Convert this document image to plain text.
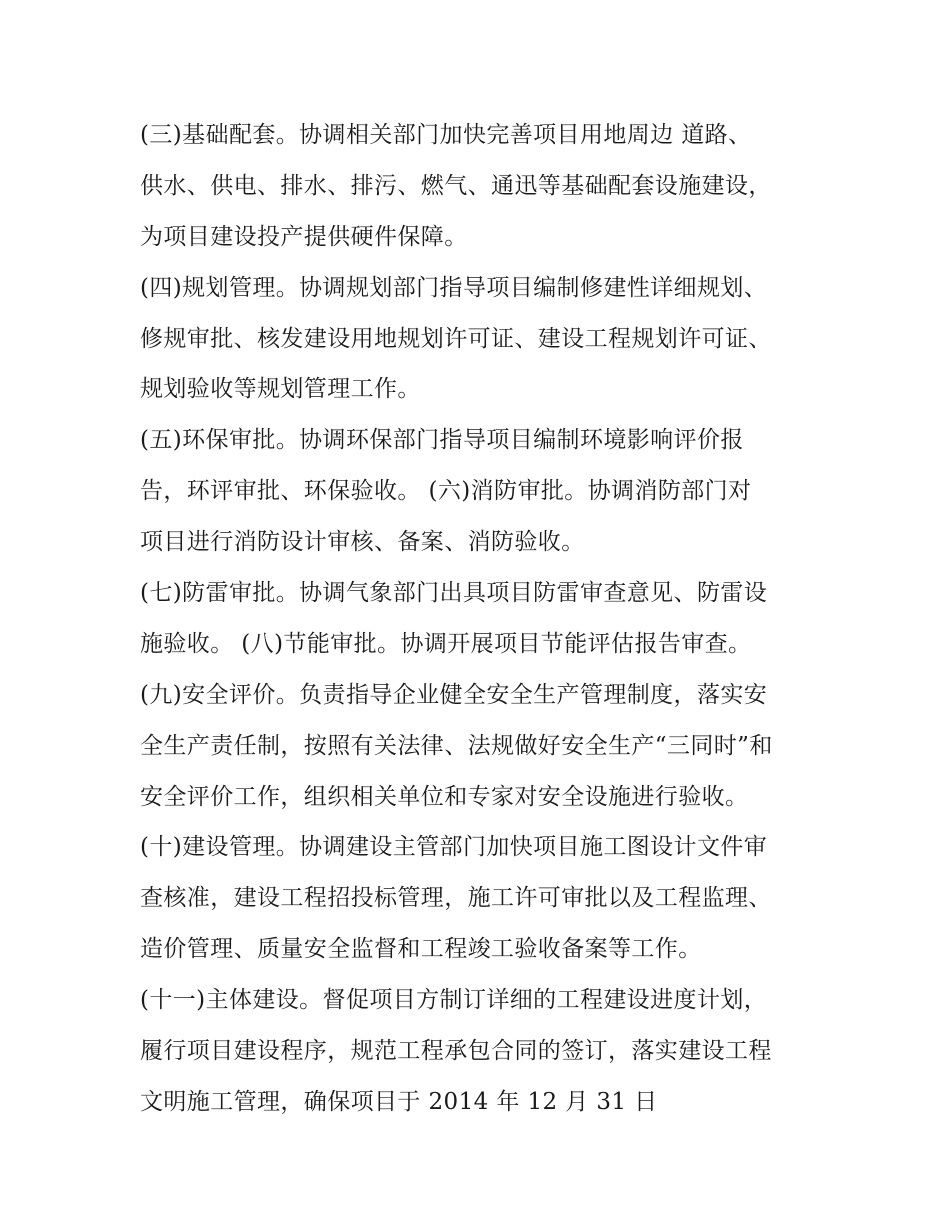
(三)基础配套。协调相关部门加快完善项目用地周边 道路、
供水、供电、排水、排污、燃气、通迅等基础配套设施建设，
为项目建设投产提供硬件保障。
(四)规划管理。协调规划部门指导项目编制修建性详细规划、
修规审批、核发建设用地规划许可证、建设工程规划许可证、
规划验收等规划管理工作。
(五)环保审批。协调环保部门指导项目编制环境影响评价报
告，环评审批、环保验收。 (六)消防审批。协调消防部门对
项目进行消防设计审核、备案、消防验收。
(七)防雷审批。协调气象部门出具项目防雷审查意见、防雷设
施验收。 (八)节能审批。协调开展项目节能评估报告审查。
(九)安全评价。负责指导企业健全安全生产管理制度，落实安
全生产责任制，按照有关法律、法规做好安全生产“三同时”和
安全评价工作，组织相关单位和专家对安全设施进行验收。
(十)建设管理。协调建设主管部门加快项目施工图设计文件审
查核准，建设工程招投标管理，施工许可审批以及工程监理、
造价管理、质量安全监督和工程竣工验收备案等工作。
(十一)主体建设。督促项目方制订详细的工程建设进度计划，
履行项目建设程序，规范工程承包合同的签订，落实建设工程
文明施工管理，确保项目于 2014 年 12 月 31 日
